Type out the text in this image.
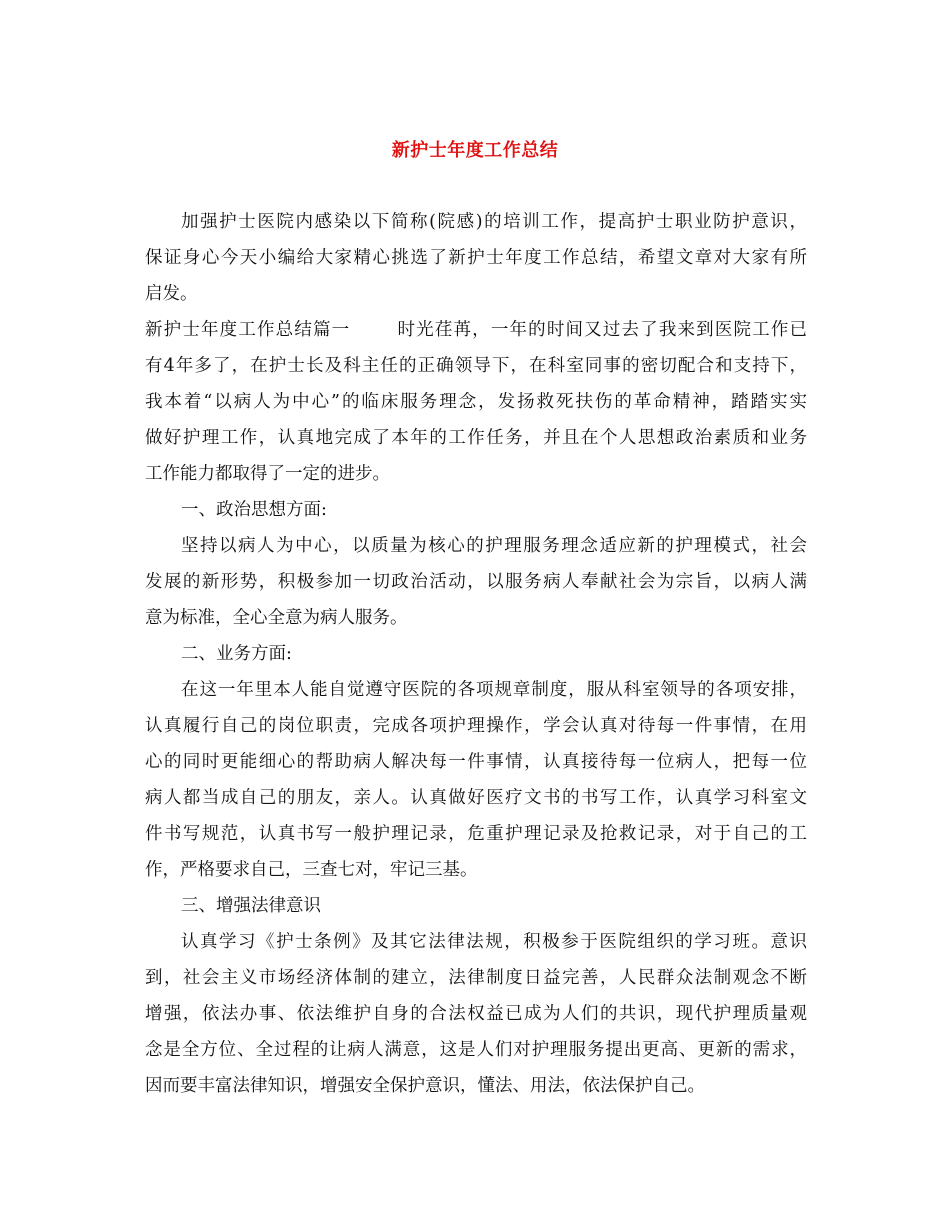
新护士年度工作总结
加强护士医院内感染以下简称(院感)的培训工作，提高护士职业防护意识，
保证身心今天小编给大家精心挑选了新护士年度工作总结，希望文章对大家有所
启发。
新护士年度工作总结篇一	时光荏苒，一年的时间又过去了我来到医院工作已
有4年多了，在护士长及科主任的正确领导下，在科室同事的密切配合和支持下，
我本着“以病人为中心”的临床服务理念，发扬救死扶伤的革命精神，踏踏实实
做好护理工作，认真地完成了本年的工作任务，并且在个人思想政治素质和业务
工作能力都取得了一定的进步。
一、政治思想方面:
坚持以病人为中心，以质量为核心的护理服务理念适应新的护理模式，社会
发展的新形势，积极参加一切政治活动，以服务病人奉献社会为宗旨，以病人满
意为标准，全心全意为病人服务。
二、业务方面:
在这一年里本人能自觉遵守医院的各项规章制度，服从科室领导的各项安排，
认真履行自己的岗位职责，完成各项护理操作，学会认真对待每一件事情，在用
心的同时更能细心的帮助病人解决每一件事情，认真接待每一位病人，把每一位
病人都当成自己的朋友，亲人。认真做好医疗文书的书写工作，认真学习科室文
件书写规范，认真书写一般护理记录，危重护理记录及抢救记录，对于自己的工
作，严格要求自己，三查七对，牢记三基。
三、增强法律意识
认真学习《护士条例》及其它法律法规，积极参于医院组织的学习班。意识
到，社会主义市场经济体制的建立，法律制度日益完善，人民群众法制观念不断
增强，依法办事、依法维护自身的合法权益已成为人们的共识，现代护理质量观
念是全方位、全过程的让病人满意，这是人们对护理服务提出更高、更新的需求，
因而要丰富法律知识，增强安全保护意识，懂法、用法，依法保护自己。
